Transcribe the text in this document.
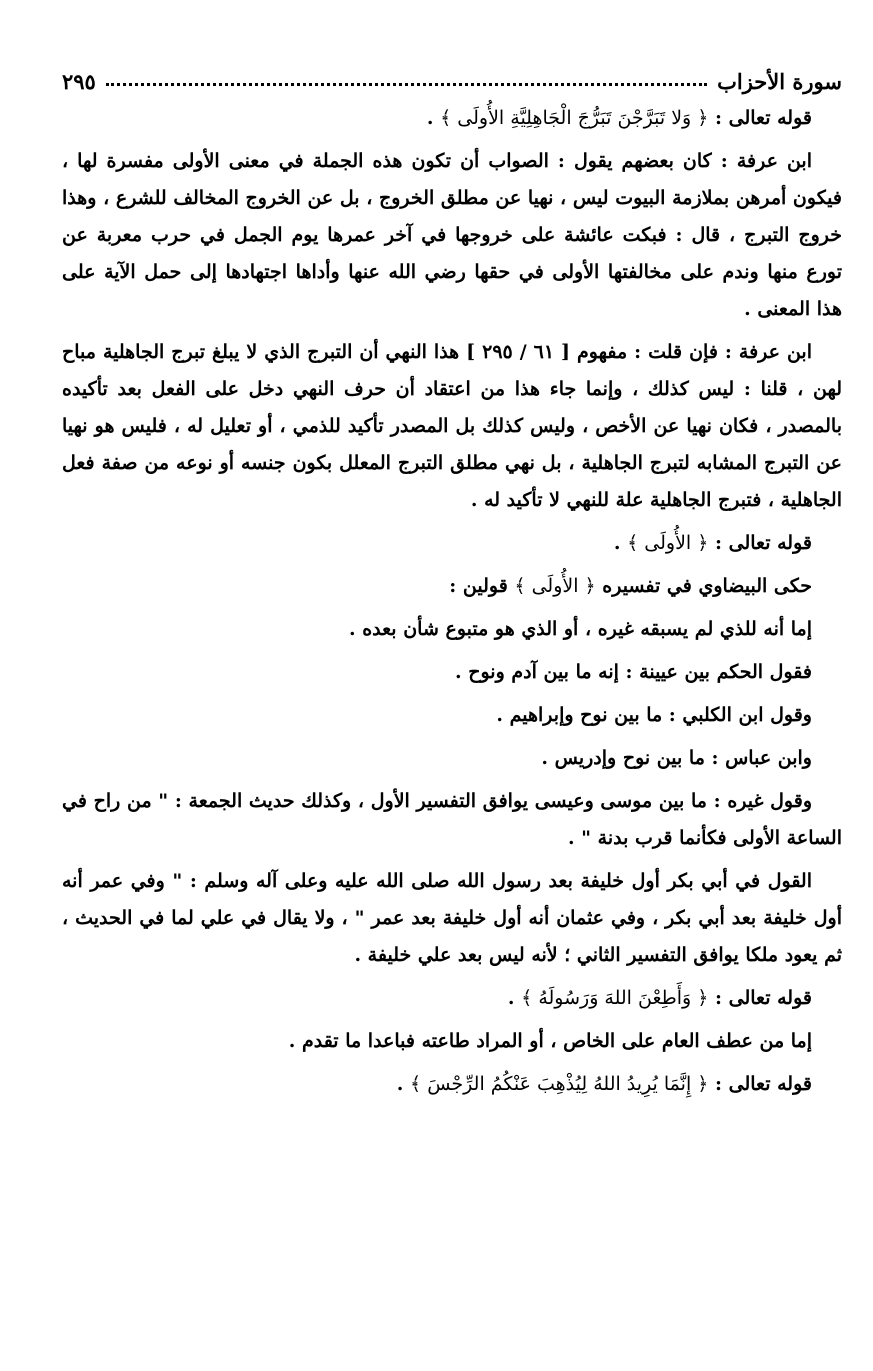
سورة الأحزاب
٢٩٥

قوله تعالى : ﴿ وَلا تَبَرَّجْنَ تَبَرُّجَ الْجَاهِلِيَّةِ الأُولَى ﴾ .

ابن عرفة : كان بعضهم يقول : الصواب أن تكون هذه الجملة في معنى الأولى مفسرة لها ، فيكون أمرهن بملازمة البيوت ليس ، نهيا عن مطلق الخروج ، بل عن الخروج المخالف للشرع ، وهذا خروج التبرج ، قال : فبكت عائشة على خروجها في آخر عمرها يوم الجمل في حرب معربة عن تورع منها وندم على مخالفتها الأولى في حقها رضي الله عنها وأداها اجتهادها إلى حمل الآية على هذا المعنى .

ابن عرفة : فإن قلت : مفهوم [ ٦١ / ٢٩٥ ] هذا النهي أن التبرج الذي لا يبلغ تبرج الجاهلية مباح لهن ، قلنا : ليس كذلك ، وإنما جاء هذا من اعتقاد أن حرف النهي دخل على الفعل بعد تأكيده بالمصدر ، فكان نهيا عن الأخص ، وليس كذلك بل المصدر تأكيد للذمي ، أو تعليل له ، فليس هو نهيا عن التبرج المشابه لتبرج الجاهلية ، بل نهي مطلق التبرج المعلل بكون جنسه أو نوعه من صفة فعل الجاهلية ، فتبرج الجاهلية علة للنهي لا تأكيد له .

قوله تعالى : ﴿ الأُولَى ﴾ .

حكى البيضاوي في تفسيره ﴿ الأُولَى ﴾ قولين :

إما أنه للذي لم يسبقه غيره ، أو الذي هو متبوع شأن بعده .

فقول الحكم بين عيينة : إنه ما بين آدم ونوح .

وقول ابن الكلبي : ما بين نوح وإبراهيم .

وابن عباس : ما بين نوح وإدريس .

وقول غيره : ما بين موسى وعيسى يوافق التفسير الأول ، وكذلك حديث الجمعة : " من راح في الساعة الأولى فكأنما قرب بدنة " .

القول في أبي بكر أول خليفة بعد رسول الله صلى الله عليه وعلى آله وسلم : " وفي عمر أنه أول خليفة بعد أبي بكر ، وفي عثمان أنه أول خليفة بعد عمر " ، ولا يقال في علي لما في الحديث ، ثم يعود ملكا يوافق التفسير الثاني ؛ لأنه ليس بعد علي خليفة .

قوله تعالى : ﴿ وَأَطِعْنَ اللهَ وَرَسُولَهُ ﴾ .

إما من عطف العام على الخاص ، أو المراد طاعته فباعدا ما تقدم .

قوله تعالى : ﴿ إِنَّمَا يُرِيدُ اللهُ لِيُذْهِبَ عَنْكُمُ الرِّجْسَ ﴾ .
